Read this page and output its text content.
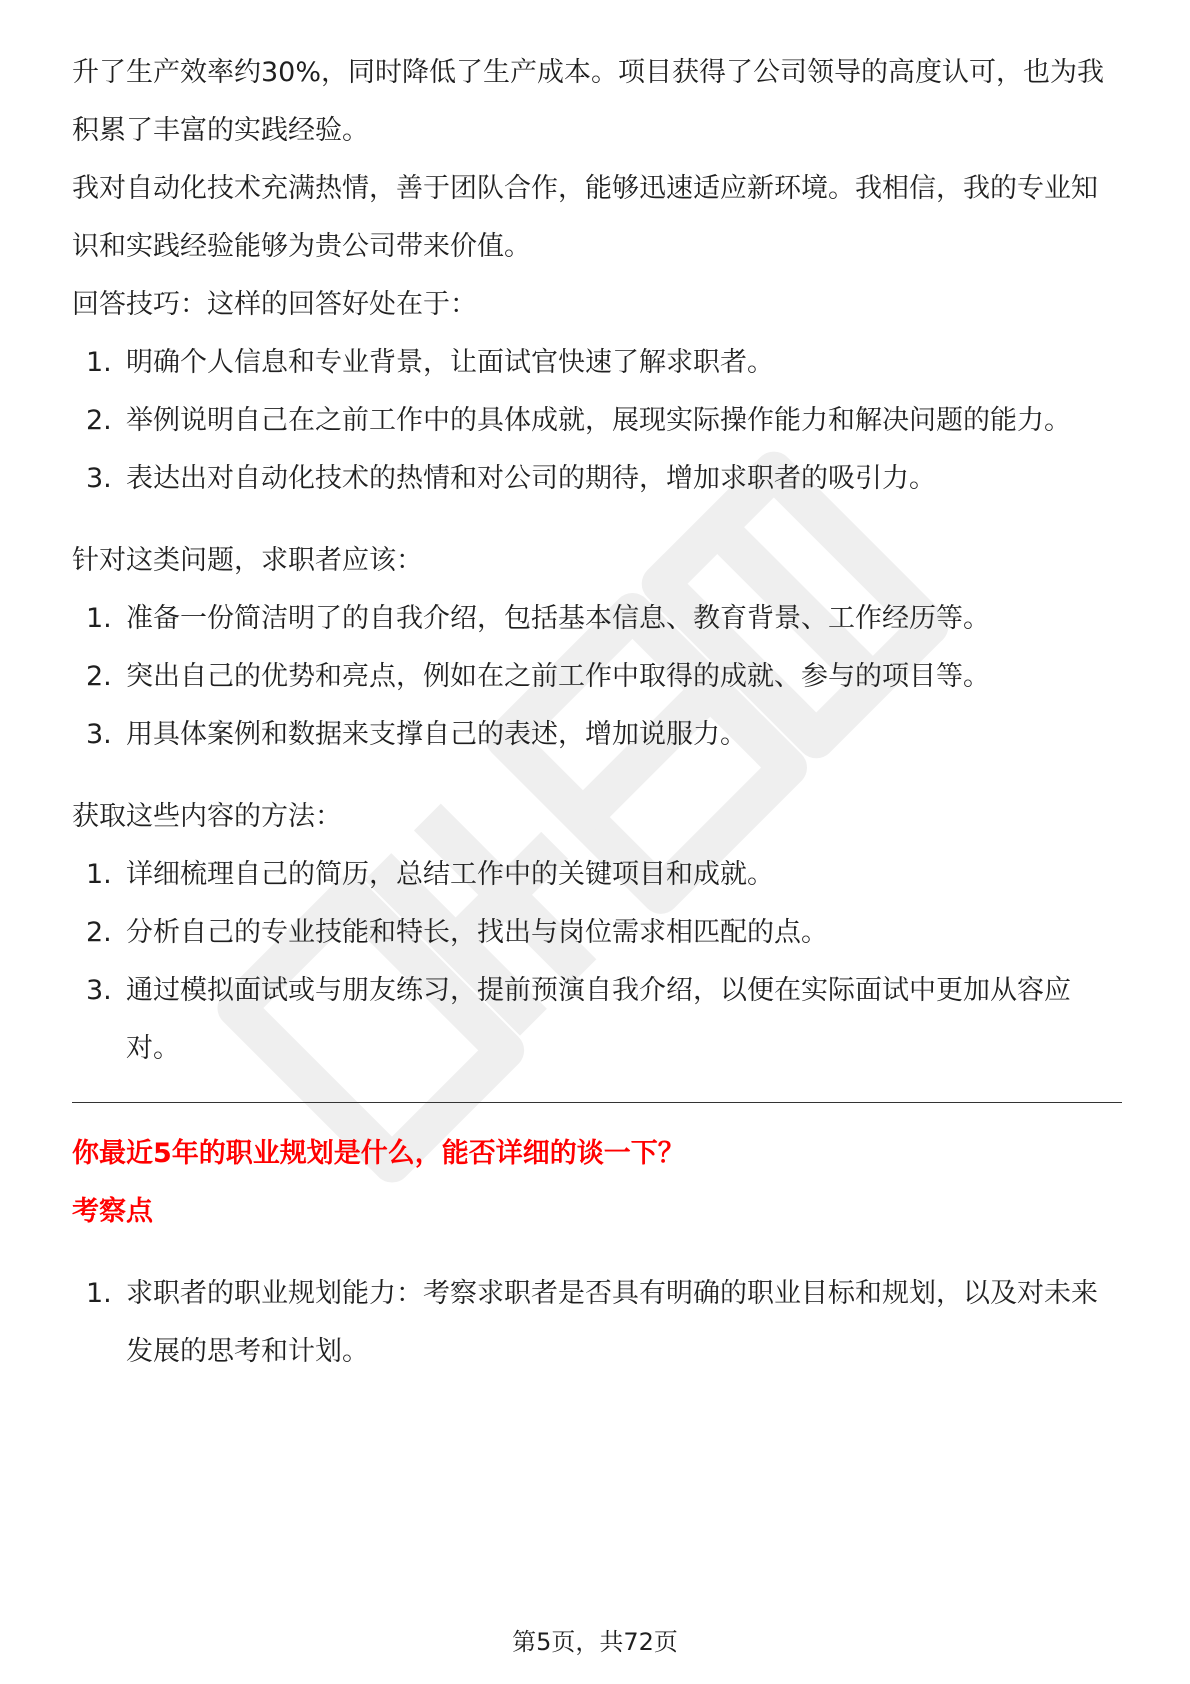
升了生产效率约30%，同时降低了生产成本。项目获得了公司领导的高度认可，也为我积累了丰富的实践经验。

我对自动化技术充满热情，善于团队合作，能够迅速适应新环境。我相信，我的专业知识和实践经验能够为贵公司带来价值。

回答技巧：这样的回答好处在于：

1. 明确个人信息和专业背景，让面试官快速了解求职者。
2. 举例说明自己在之前工作中的具体成就，展现实际操作能力和解决问题的能力。
3. 表达出对自动化技术的热情和对公司的期待，增加求职者的吸引力。

针对这类问题，求职者应该：

1. 准备一份简洁明了的自我介绍，包括基本信息、教育背景、工作经历等。
2. 突出自己的优势和亮点，例如在之前工作中取得的成就、参与的项目等。
3. 用具体案例和数据来支撑自己的表述，增加说服力。

获取这些内容的方法：

1. 详细梳理自己的简历，总结工作中的关键项目和成就。
2. 分析自己的专业技能和特长，找出与岗位需求相匹配的点。
3. 通过模拟面试或与朋友练习，提前预演自我介绍，以便在实际面试中更加从容应对。

你最近5年的职业规划是什么，能否详细的谈一下？

考察点

1. 求职者的职业规划能力：考察求职者是否具有明确的职业目标和规划，以及对未来发展的思考和计划。
第5页，共72页
